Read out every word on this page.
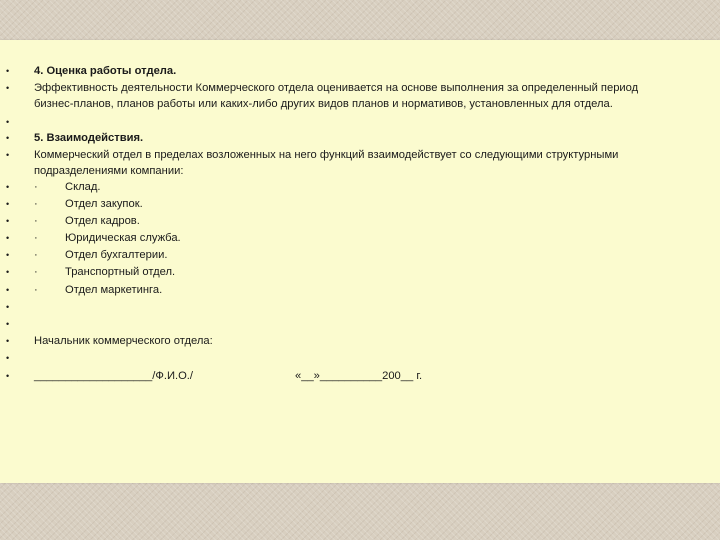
• 4. Оценка работы отдела.
• Эффективность деятельности Коммерческого отдела оценивается на основе выполнения за определенный период
бизнес-планов, планов работы или каких-либо других видов планов и нормативов, установленных для отдела.
•
• 5. Взаимодействия.
• Коммерческий отдел в пределах возложенных на него функций взаимодействует со следующими структурными
подразделениями компании:
• · Склад.
• · Отдел закупок.
• · Отдел кадров.
• · Юридическая служба.
• · Отдел бухгалтерии.
• · Транспортный отдел.
• · Отдел маркетинга.
•
•
• Начальник коммерческого отдела:
•
• ___________________/Ф.И.О./	«__»__________200__ г.
